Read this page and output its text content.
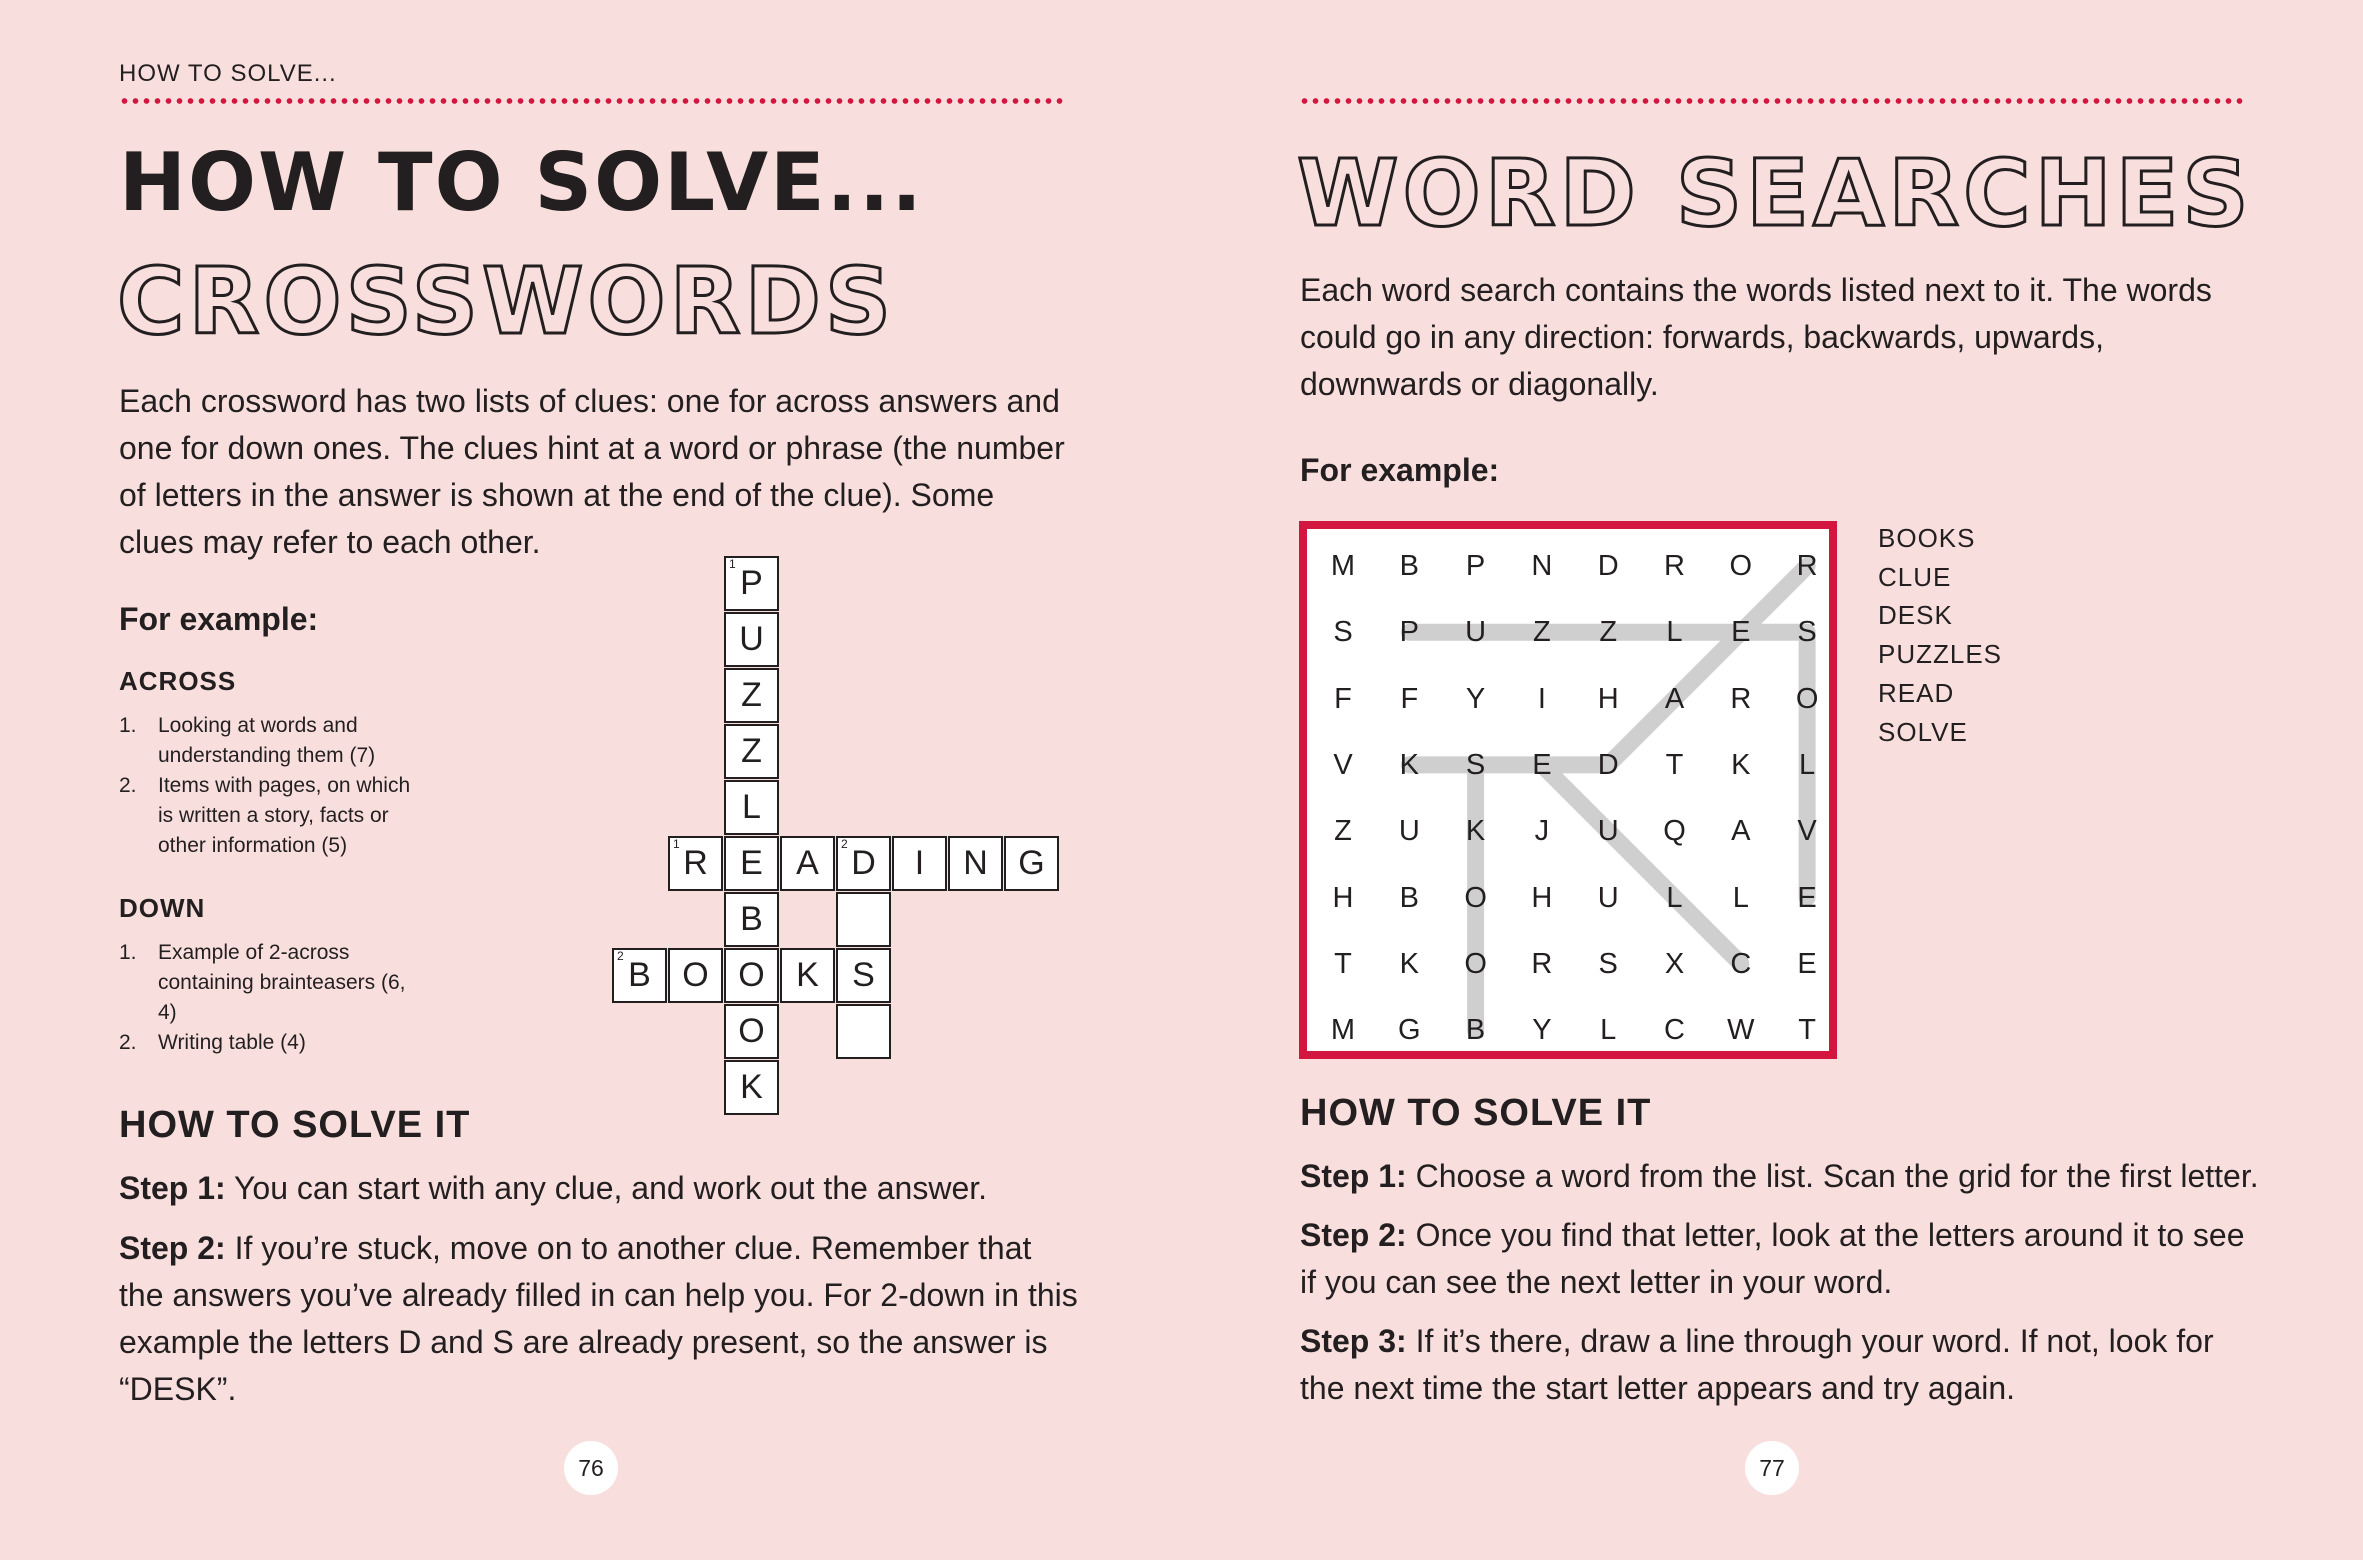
HOW TO SOLVE...
HOW TO SOLVE...
CROSSWORDS
Each crossword has two lists of clues: one for across answers and one for down ones. The clues hint at a word or phrase (the number of letters in the answer is shown at the end of the clue). Some clues may refer to each other.
For example:
ACROSS
1. Looking at words and understanding them (7)
2. Items with pages, on which is written a story, facts or other information (5)
DOWN
1. Example of 2-across containing brainteasers (6, 4)
2. Writing table (4)
1 P
U
Z
Z
L
1 R E A 2 D I N G
B
2 B O O K S
O
K
HOW TO SOLVE IT
Step 1: You can start with any clue, and work out the answer.
Step 2: If you’re stuck, move on to another clue. Remember that the answers you’ve already filled in can help you. For 2-down in this example the letters D and S are already present, so the answer is “DESK”.
76
WORD SEARCHES
Each word search contains the words listed next to it. The words could go in any direction: forwards, backwards, upwards, downwards or diagonally.
For example:
M B P N D R O R
S P U Z Z L E S
F F Y	I	H A R O
V K S E D T K L
Z U K J U Q A V
H B O H U L L E
T K O R S X C E
M G B Y L C W T
BOOKS
CLUE
DESK
PUZZLES
READ
SOLVE
HOW TO SOLVE IT
Step 1: Choose a word from the list. Scan the grid for the first letter.
Step 2: Once you find that letter, look at the letters around it to see if you can see the next letter in your word.
Step 3: If it’s there, draw a line through your word. If not, look for the next time the start letter appears and try again.
77
